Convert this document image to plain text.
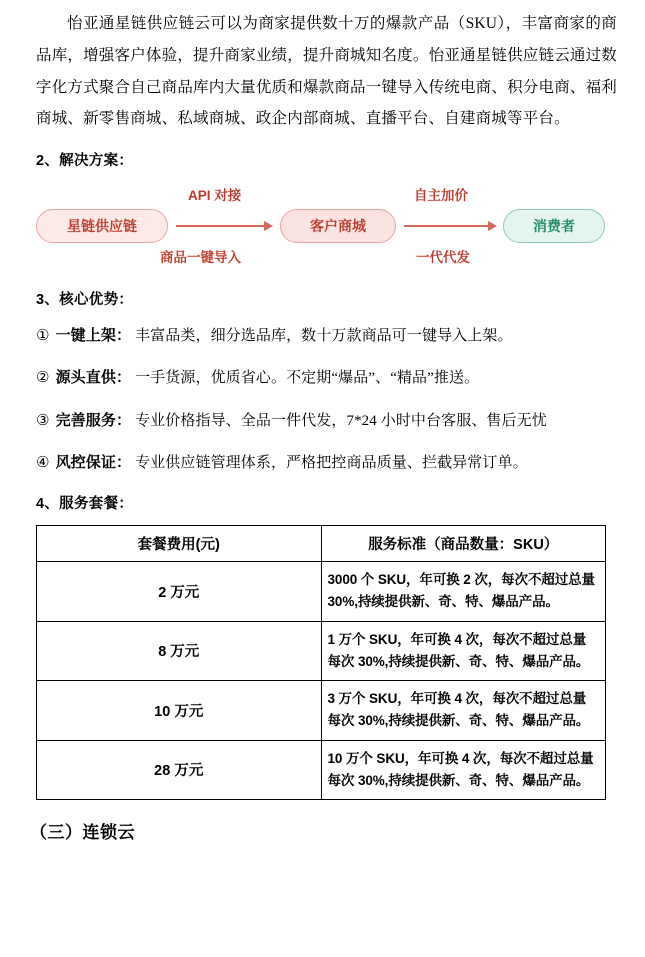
怡亚通星链供应链云可以为商家提供数十万的爆款产品（SKU），丰富商家的商品库，增强客户体验，提升商家业绩，提升商城知名度。怡亚通星链供应链云通过数字化方式聚合自己商品库内大量优质和爆款商品一键导入传统电商、积分电商、福利商城、新零售商城、私域商城、政企内部商城、直播平台、自建商城等平台。

2、解决方案：
星链供应链	客户商城	消费者
API 对接
商品一键导入
自主加价
一代代发
3、核心优势：
① 一键上架： 丰富品类，细分选品库，数十万款商品可一键导入上架。
② 源头直供： 一手货源，优质省心。不定期“爆品”、“精品”推送。
③ 完善服务： 专业价格指导、全品一件代发，7*24 小时中台客服、售后无忧
④ 风控保证： 专业供应链管理体系，严格把控商品质量、拦截异常订单。
4、服务套餐：
套餐费用(元)	服务标准（商品数量：SKU）
2 万元	3000 个 SKU，年可换 2 次，每次不超过总量 30%,持续提供新、奇、特、爆品产品。
8 万元	1 万个 SKU，年可换 4 次，每次不超过总量每次 30%,持续提供新、奇、特、爆品产品。
10 万元	3 万个 SKU，年可换 4 次，每次不超过总量每次 30%,持续提供新、奇、特、爆品产品。
28 万元	10 万个 SKU，年可换 4 次，每次不超过总量每次 30%,持续提供新、奇、特、爆品产品。
（三）连锁云
